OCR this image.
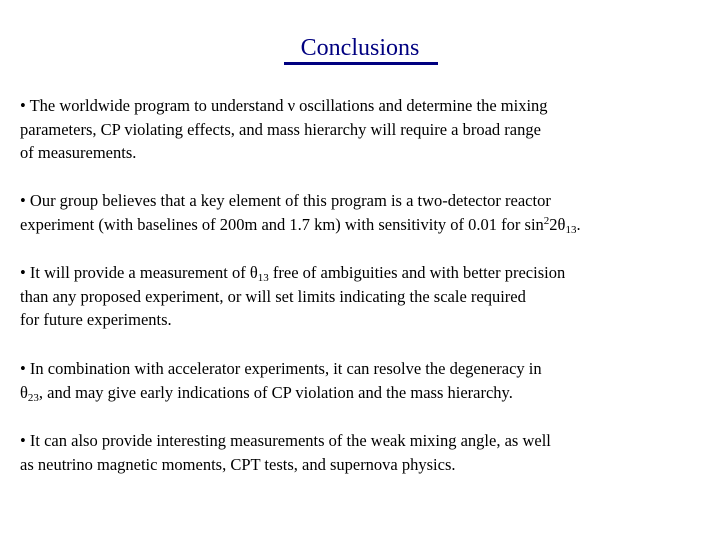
Conclusions
• The worldwide program to understand ν oscillations and determine the mixing
parameters, CP violating effects, and mass hierarchy will require a broad range
of measurements.
• Our group believes that a key element of this program is a two-detector reactor
experiment (with baselines of 200m and 1.7 km) with sensitivity of 0.01 for $\sin^22\theta_{13}$.
• It will provide a measurement of $\theta_{13}$ free of ambiguities and with better precision
than any proposed experiment, or will set limits indicating the scale required
for future experiments.
• In combination with accelerator experiments, it can resolve the degeneracy in
$\theta_{23}$, and may give early indications of CP violation and the mass hierarchy.
• It can also provide interesting measurements of the weak mixing angle, as well
as neutrino magnetic moments, CPT tests, and supernova physics.
